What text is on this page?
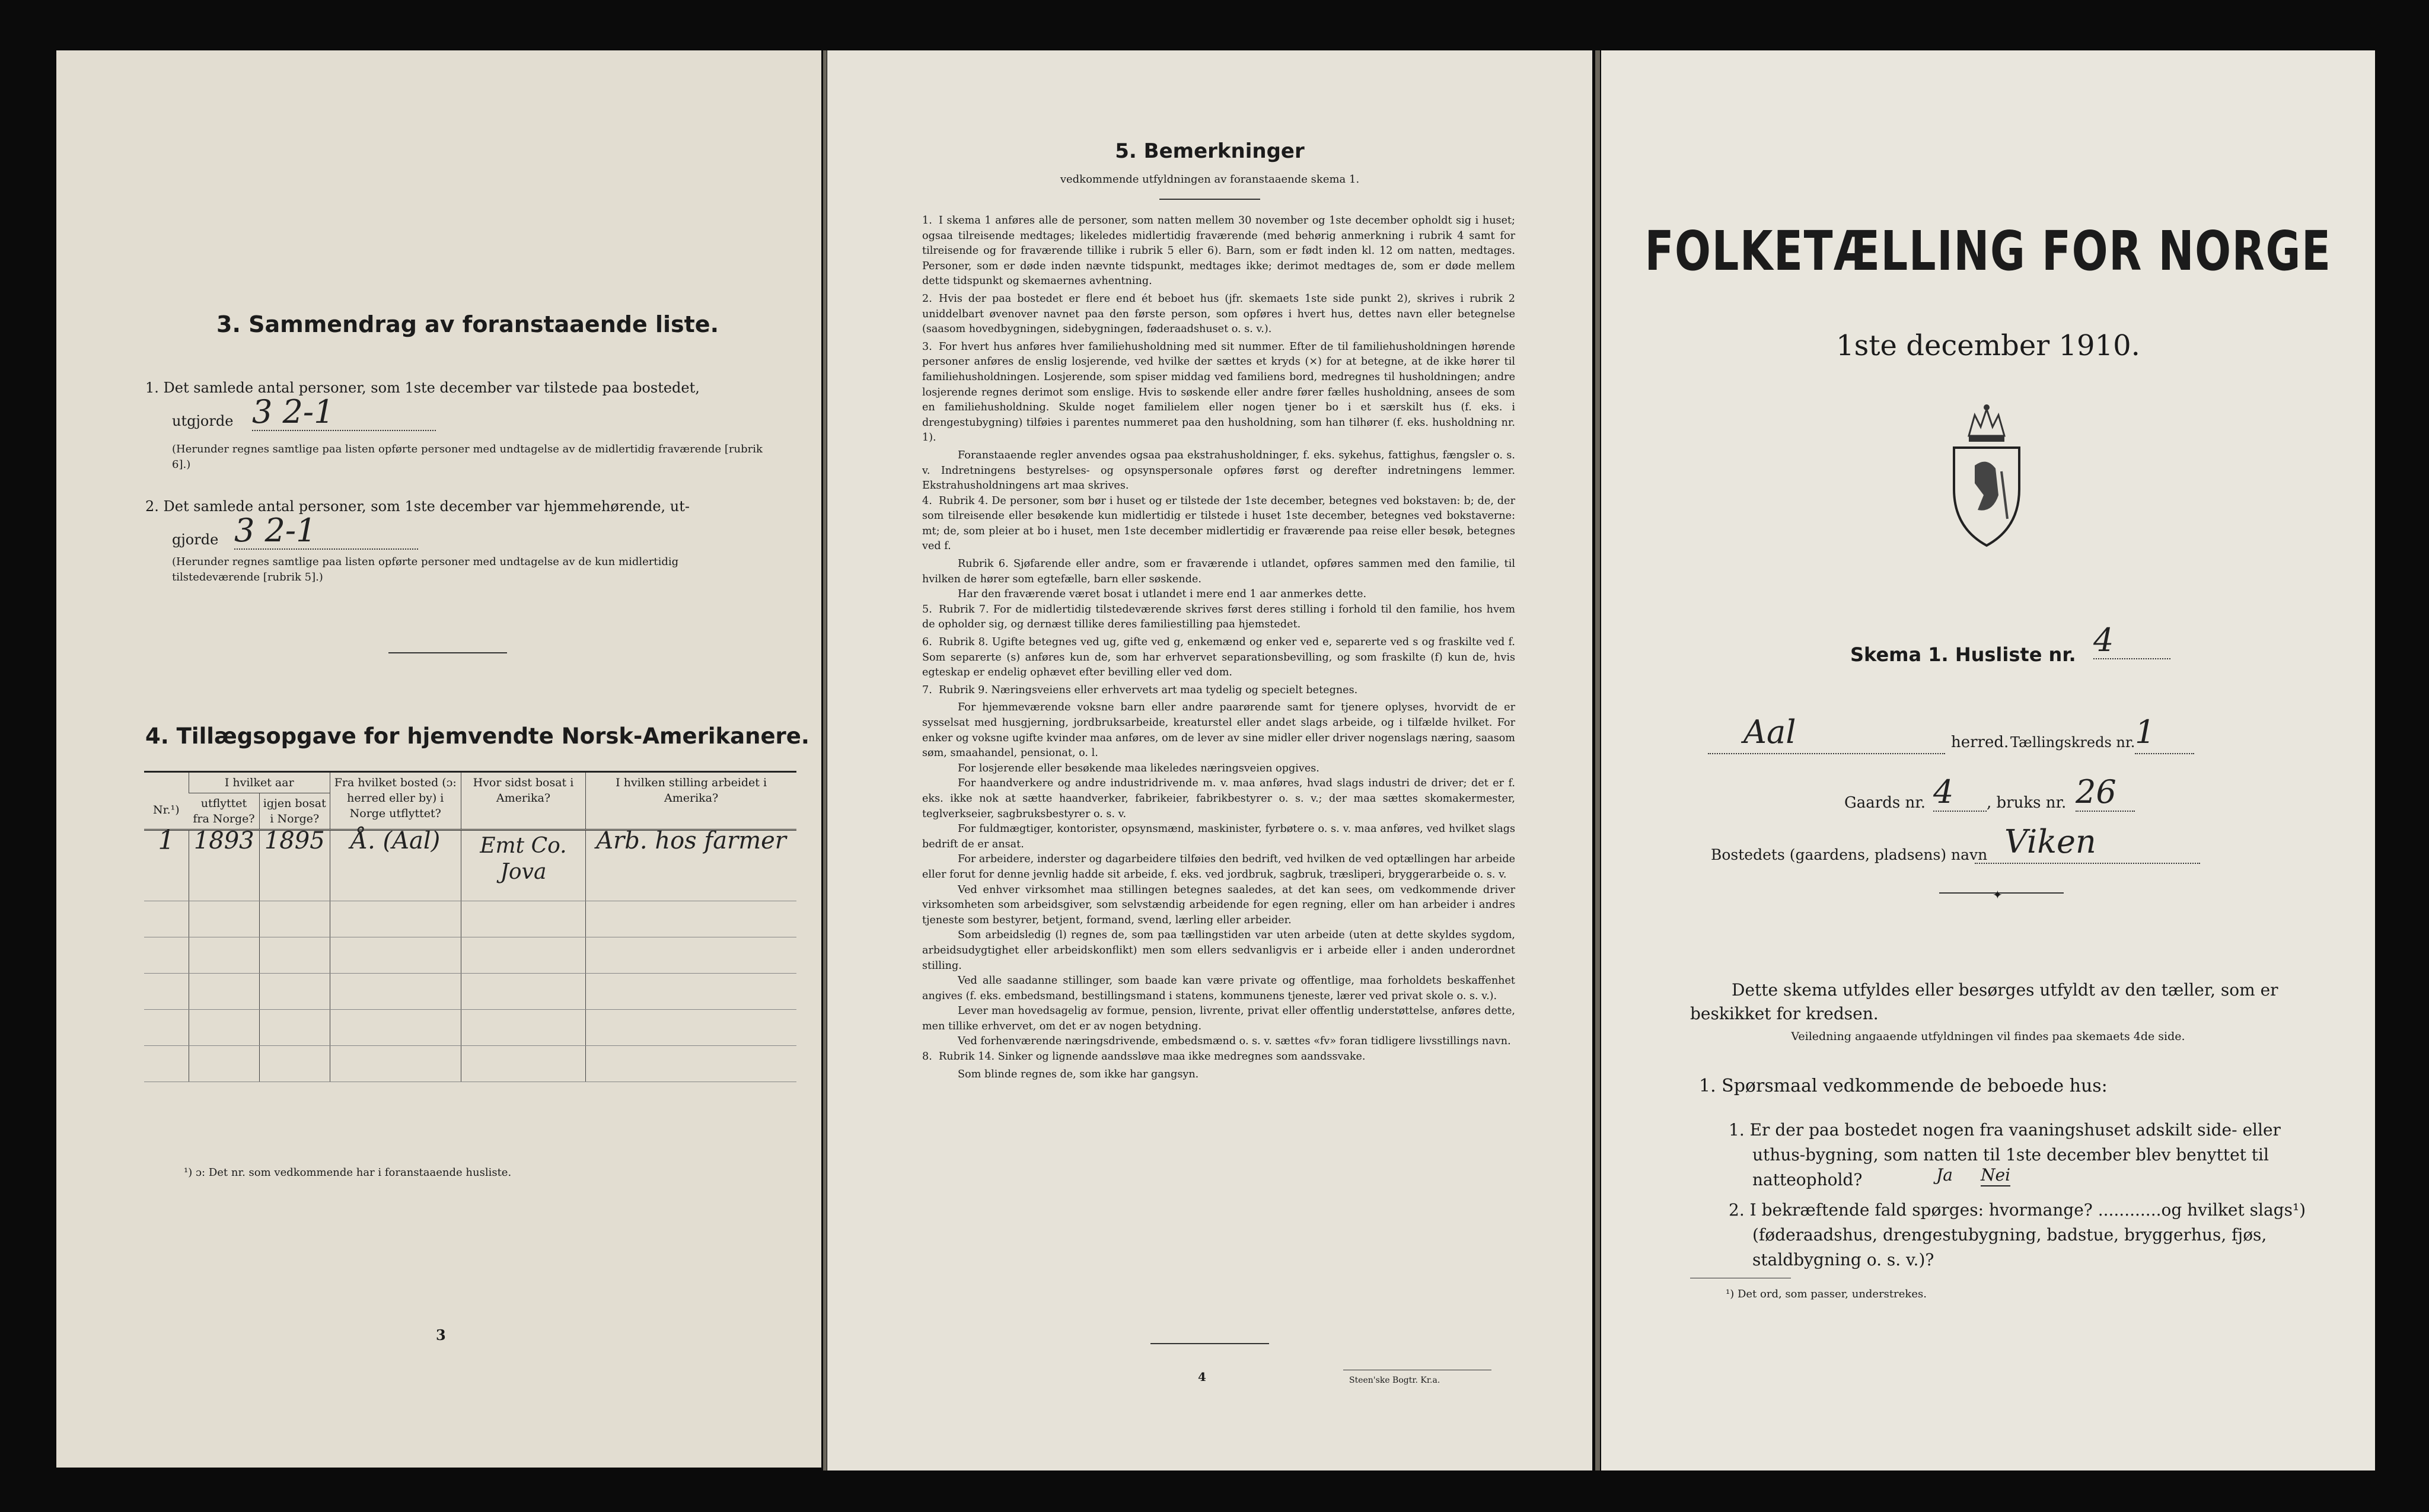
3. Sammendrag av foranstaaende liste.
1. Det samlede antal personer, som 1ste december var tilstede paa bostedet,
utgjorde 3 2-1
(Herunder regnes samtlige paa listen opførte personer med undtagelse av de midlertidig fraværende [rubrik 6].)
2. Det samlede antal personer, som 1ste december var hjemmehørende, ut-
gjorde 3 2-1
(Herunder regnes samtlige paa listen opførte personer med undtagelse av de kun midlertidig tilstedeværende [rubrik 5].)
4. Tillægsopgave for hjemvendte Norsk-Amerikanere.
Nr.¹)	I hvilket aar		Fra hvilket bosted (ɔ: herred eller by) i Norge utflyttet?	Hvor sidst bosat i Amerika?	I hvilken stilling arbeidet i Amerika?
	utflyttet fra Norge?	igjen bosat i Norge?			
1	1893	1895	Å. (Aal)	Emt Co. Jova	Arb. hos farmer

¹) ɔ: Det nr. som vedkommende har i foranstaaende husliste.
3
5. Bemerkninger
vedkommende utfyldningen av foranstaaende skema 1.

1. I skema 1 anføres alle de personer, som natten mellem 30 november og 1ste december opholdt sig i huset; ogsaa tilreisende medtages; likeledes midlertidig fraværende (med behørig anmerkning i rubrik 4 samt for tilreisende og for fraværende tillike i rubrik 5 eller 6). Barn, som er født inden kl. 12 om natten, medtages. Personer, som er døde inden nævnte tidspunkt, medtages ikke; derimot medtages de, som er døde mellem dette tidspunkt og skemaernes avhentning.

2. Hvis der paa bostedet er flere end ét beboet hus (jfr. skemaets 1ste side punkt 2), skrives i rubrik 2 uniddelbart øvenover navnet paa den første person, som opføres i hvert hus, dettes navn eller betegnelse (saasom hovedbygningen, sidebygningen, føderaadshuset o. s. v.).

3. For hvert hus anføres hver familiehusholdning med sit nummer. Efter de til familiehusholdningen hørende personer anføres de enslig losjerende, ved hvilke der sættes et kryds (×) for at betegne, at de ikke hører til familiehusholdningen. Losjerende, som spiser middag ved familiens bord, medregnes til husholdningen; andre losjerende regnes derimot som enslige. Hvis to søskende eller andre fører fælles husholdning, ansees de som en familiehusholdning. Skulde noget familielem eller nogen tjener bo i et særskilt hus (f. eks. i drengestubygning) tilføies i parentes nummeret paa den husholdning, som han tilhører (f. eks. husholdning nr. 1).

Foranstaaende regler anvendes ogsaa paa ekstrahusholdninger, f. eks. sykehus, fattighus, fængsler o. s. v. Indretningens bestyrelses- og opsynspersonale opføres først og derefter indretningens lemmer. Ekstrahusholdningens art maa skrives.

4. Rubrik 4. De personer, som bør i huset og er tilstede der 1ste december, betegnes ved bokstaven: b; de, der som tilreisende eller besøkende kun midlertidig er tilstede i huset 1ste december, betegnes ved bokstaverne: mt; de, som pleier at bo i huset, men 1ste december midlertidig er fraværende paa reise eller besøk, betegnes ved f.

Rubrik 6. Sjøfarende eller andre, som er fraværende i utlandet, opføres sammen med den familie, til hvilken de hører som egtefælle, barn eller søskende.

Har den fraværende været bosat i utlandet i mere end 1 aar anmerkes dette.

5. Rubrik 7. For de midlertidig tilstedeværende skrives først deres stilling i forhold til den familie, hos hvem de opholder sig, og dernæst tillike deres familiestilling paa hjemstedet.

6. Rubrik 8. Ugifte betegnes ved ug, gifte ved g, enkemænd og enker ved e, separerte ved s og fraskilte ved f. Som separerte (s) anføres kun de, som har erhvervet separationsbevilling, og som fraskilte (f) kun de, hvis egteskap er endelig ophævet efter bevilling eller ved dom.

7. Rubrik 9. Næringsveiens eller erhvervets art maa tydelig og specielt betegnes.

For hjemmeværende voksne barn eller andre paarørende samt for tjenere oplyses, hvorvidt de er sysselsat med husgjerning, jordbruksarbeide, kreaturstel eller andet slags arbeide, og i tilfælde hvilket. For enker og voksne ugifte kvinder maa anføres, om de lever av sine midler eller driver nogenslags næring, saasom søm, smaahandel, pensionat, o. l.

For losjerende eller besøkende maa likeledes næringsveien opgives.

For haandverkere og andre industridrivende m. v. maa anføres, hvad slags industri de driver; det er f. eks. ikke nok at sætte haandverker, fabrikeier, fabrikbestyrer o. s. v.; der maa sættes skomakermester, teglverkseier, sagbruksbestyrer o. s. v.

For fuldmægtiger, kontorister, opsynsmænd, maskinister, fyrbøtere o. s. v. maa anføres, ved hvilket slags bedrift de er ansat.

For arbeidere, inderster og dagarbeidere tilføies den bedrift, ved hvilken de ved optællingen har arbeide eller forut for denne jevnlig hadde sit arbeide, f. eks. ved jordbruk, sagbruk, træsliperi, bryggerarbeide o. s. v.

Ved enhver virksomhet maa stillingen betegnes saaledes, at det kan sees, om vedkommende driver virksomheten som arbeidsgiver, som selvstændig arbeidende for egen regning, eller om han arbeider i andres tjeneste som bestyrer, betjent, formand, svend, lærling eller arbeider.

Som arbeidsledig (l) regnes de, som paa tællingstiden var uten arbeide (uten at dette skyldes sygdom, arbeidsudygtighet eller arbeidskonflikt) men som ellers sedvanligvis er i arbeide eller i anden underordnet stilling.

Ved alle saadanne stillinger, som baade kan være private og offentlige, maa forholdets beskaffenhet angives (f. eks. embedsmand, bestillingsmand i statens, kommunens tjeneste, lærer ved privat skole o. s. v.).

Lever man hovedsagelig av formue, pension, livrente, privat eller offentlig understøttelse, anføres dette, men tillike erhvervet, om det er av nogen betydning.

Ved forhenværende næringsdrivende, embedsmænd o. s. v. sættes «fv» foran tidligere livsstillings navn.

8. Rubrik 14. Sinker og lignende aandssløve maa ikke medregnes som aandssvake.

Som blinde regnes de, som ikke har gangsyn.

4	Steen'ske Bogtr. Kr.a.
FOLKETÆLLING FOR NORGE
1ste december 1910.
Skema 1. Husliste nr. 4
Aal	herred. Tællingskreds nr. 1
Gaards nr. 4	, bruks nr. 26
Bostedets (gaardens, pladsens) navn Viken
✦
Dette skema utfyldes eller besørges utfyldt av den tæller, som er beskikket for kredsen.
Veiledning angaaende utfyldningen vil findes paa skemaets 4de side.
1. Spørsmaal vedkommende de beboede hus:
1. Er der paa bostedet nogen fra vaaningshuset adskilt side- eller uthus-bygning, som natten til 1ste december blev benyttet til natteophold?	Ja Nei
2. I bekræftende fald spørges: hvormange? ............og hvilket slags¹) (føderaadshus, drengestubygning, badstue, bryggerhus, fjøs, staldbygning o. s. v.)?
¹) Det ord, som passer, understrekes.
